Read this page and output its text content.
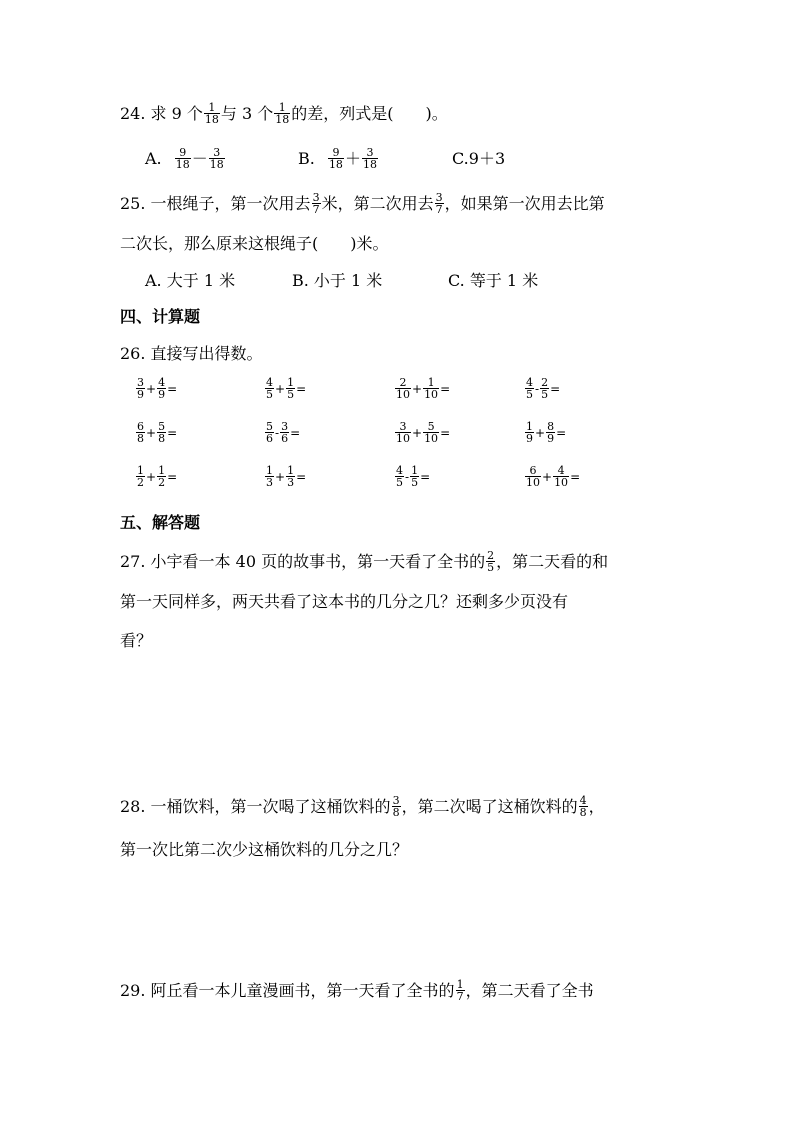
24. 求 9 个 $\frac{1}{18}$ 与 3 个 $\frac{1}{18}$ 的差，列式是(　　)。
A. $\frac{9}{18} - \frac{3}{18}$	B. $\frac{9}{18} + \frac{3}{18}$	C.9＋3
25. 一根绳子，第一次用去 $\frac{3}{7}$ 米，第二次用去 $\frac{3}{7}$ ，如果第一次用去比第
二次长，那么原来这根绳子(　　)米。
A. 大于 1 米	B. 小于 1 米	C. 等于 1 米
四、计算题
26. 直接写出得数。
$\frac{3}{9} + \frac{4}{9}$ =	$\frac{4}{5} + \frac{1}{5}$ =	$\frac{2}{10} + \frac{1}{10}$ =	$\frac{4}{5} - \frac{2}{5}$ =
$\frac{6}{8} + \frac{5}{8}$ =	$\frac{5}{6} - \frac{3}{6}$ =	$\frac{3}{10} + \frac{5}{10}$ =	$\frac{1}{9} + \frac{8}{9}$ =
$\frac{1}{2} + \frac{1}{2}$ =	$\frac{1}{3} + \frac{1}{3}$ =	$\frac{4}{5} - \frac{1}{5}$ =	$\frac{6}{10} + \frac{4}{10}$ =
五、解答题
27. 小宇看一本 40 页的故事书，第一天看了全书的 $\frac{2}{5}$ ，第二天看的和
第一天同样多，两天共看了这本书的几分之几？还剩多少页没有
看？
28. 一桶饮料，第一次喝了这桶饮料的 $\frac{3}{8}$ ，第二次喝了这桶饮料的 $\frac{4}{8}$ ，
第一次比第二次少这桶饮料的几分之几？
29. 阿丘看一本儿童漫画书，第一天看了全书的 $\frac{1}{7}$ ，第二天看了全书
